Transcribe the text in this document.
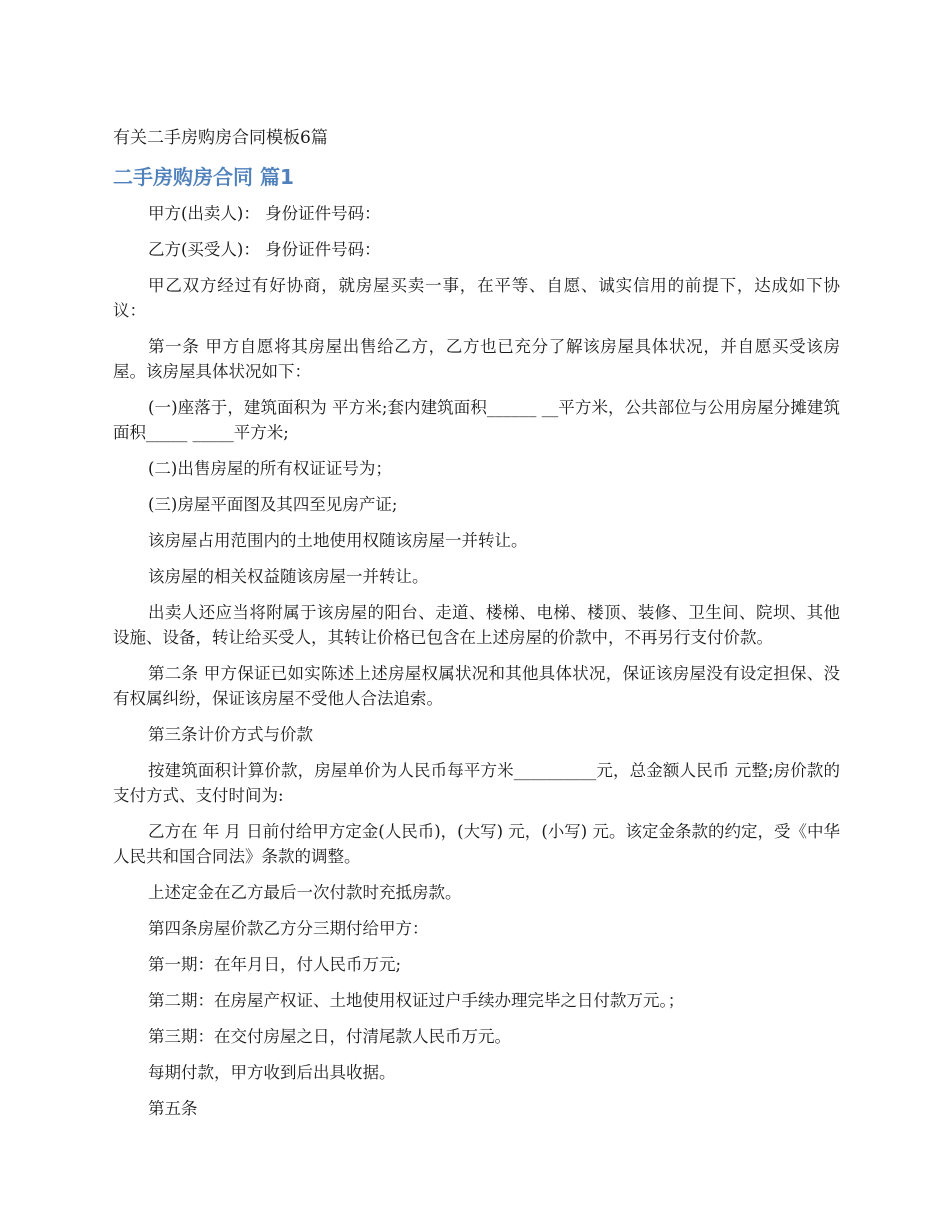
有关二手房购房合同模板6篇
二手房购房合同 篇1

甲方(出卖人)： 身份证件号码：

乙方(买受人)： 身份证件号码：

甲乙双方经过有好协商，就房屋买卖一事，在平等、自愿、诚实信用的前提下，达成如下协议：

第一条 甲方自愿将其房屋出售给乙方，乙方也已充分了解该房屋具体状况，并自愿买受该房屋。该房屋具体状况如下：

(一)座落于，建筑面积为 平方米;套内建筑面积______ __平方米，公共部位与公用房屋分摊建筑面积_____ _____平方米;

(二)出售房屋的所有权证证号为；

(三)房屋平面图及其四至见房产证;

该房屋占用范围内的土地使用权随该房屋一并转让。

该房屋的相关权益随该房屋一并转让。

出卖人还应当将附属于该房屋的阳台、走道、楼梯、电梯、楼顶、装修、卫生间、院坝、其他设施、设备，转让给买受人，其转让价格已包含在上述房屋的价款中，不再另行支付价款。

第二条 甲方保证已如实陈述上述房屋权属状况和其他具体状况，保证该房屋没有设定担保、没有权属纠纷，保证该房屋不受他人合法追索。

第三条计价方式与价款

按建筑面积计算价款，房屋单价为人民币每平方米__________元，总金额人民币 元整;房价款的支付方式、支付时间为:

乙方在 年 月 日前付给甲方定金(人民币)，(大写) 元，(小写) 元。该定金条款的约定，受《中华人民共和国合同法》条款的调整。

上述定金在乙方最后一次付款时充抵房款。

第四条房屋价款乙方分三期付给甲方：

第一期：在年月日，付人民币万元;

第二期：在房屋产权证、土地使用权证过户手续办理完毕之日付款万元。；

第三期：在交付房屋之日，付清尾款人民币万元。

每期付款，甲方收到后出具收据。

第五条
